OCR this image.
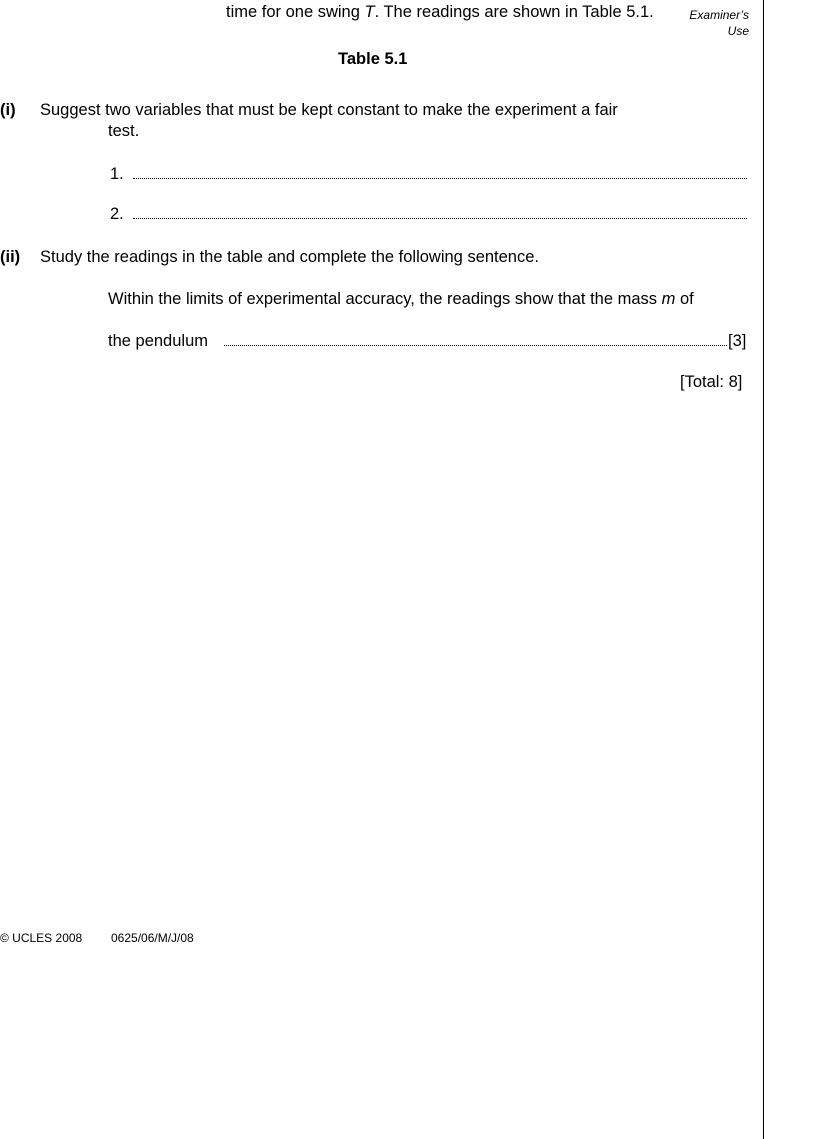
time for one swing T. The readings are shown in Table 5.1.	Examiner’s
Use
Table 5.1
(i) Suggest two variables that must be kept constant to make the experiment a fair
test.
1.
2.
(ii) Study the readings in the table and complete the following sentence.
Within the limits of experimental accuracy, the readings show that the mass m of
the pendulum	[3]
[Total: 8]
© UCLES 2008 0625/06/M/J/08
